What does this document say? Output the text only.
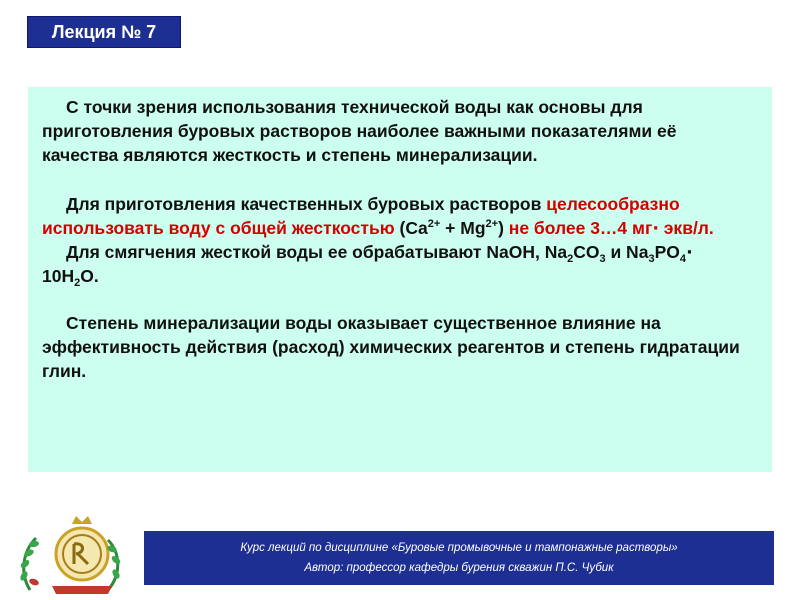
Лекция № 7

С точки зрения использования технической воды как основы для приготовления буровых растворов наиболее важными показателями её качества являются жесткость и степень минерализации.

Для приготовления качественных буровых растворов целесообразно использовать воду с общей жесткостью $(Ca^{2+} + Mg^{2+})$ не более 3…4 мг⋅ экв/л.

Для смягчения жесткой воды ее обрабатывают NaOH, $Na_2CO_3$ и $Na_3PO_4\cdot 10H_2O$.

Степень минерализации воды оказывает существенное влияние на эффективность действия (расход) химических реагентов и степень гидратации глин.

Курс лекций по дисциплине «Буровые промывочные и тампонажные растворы»
Автор: профессор кафедры бурения скважин П.С. Чубик
